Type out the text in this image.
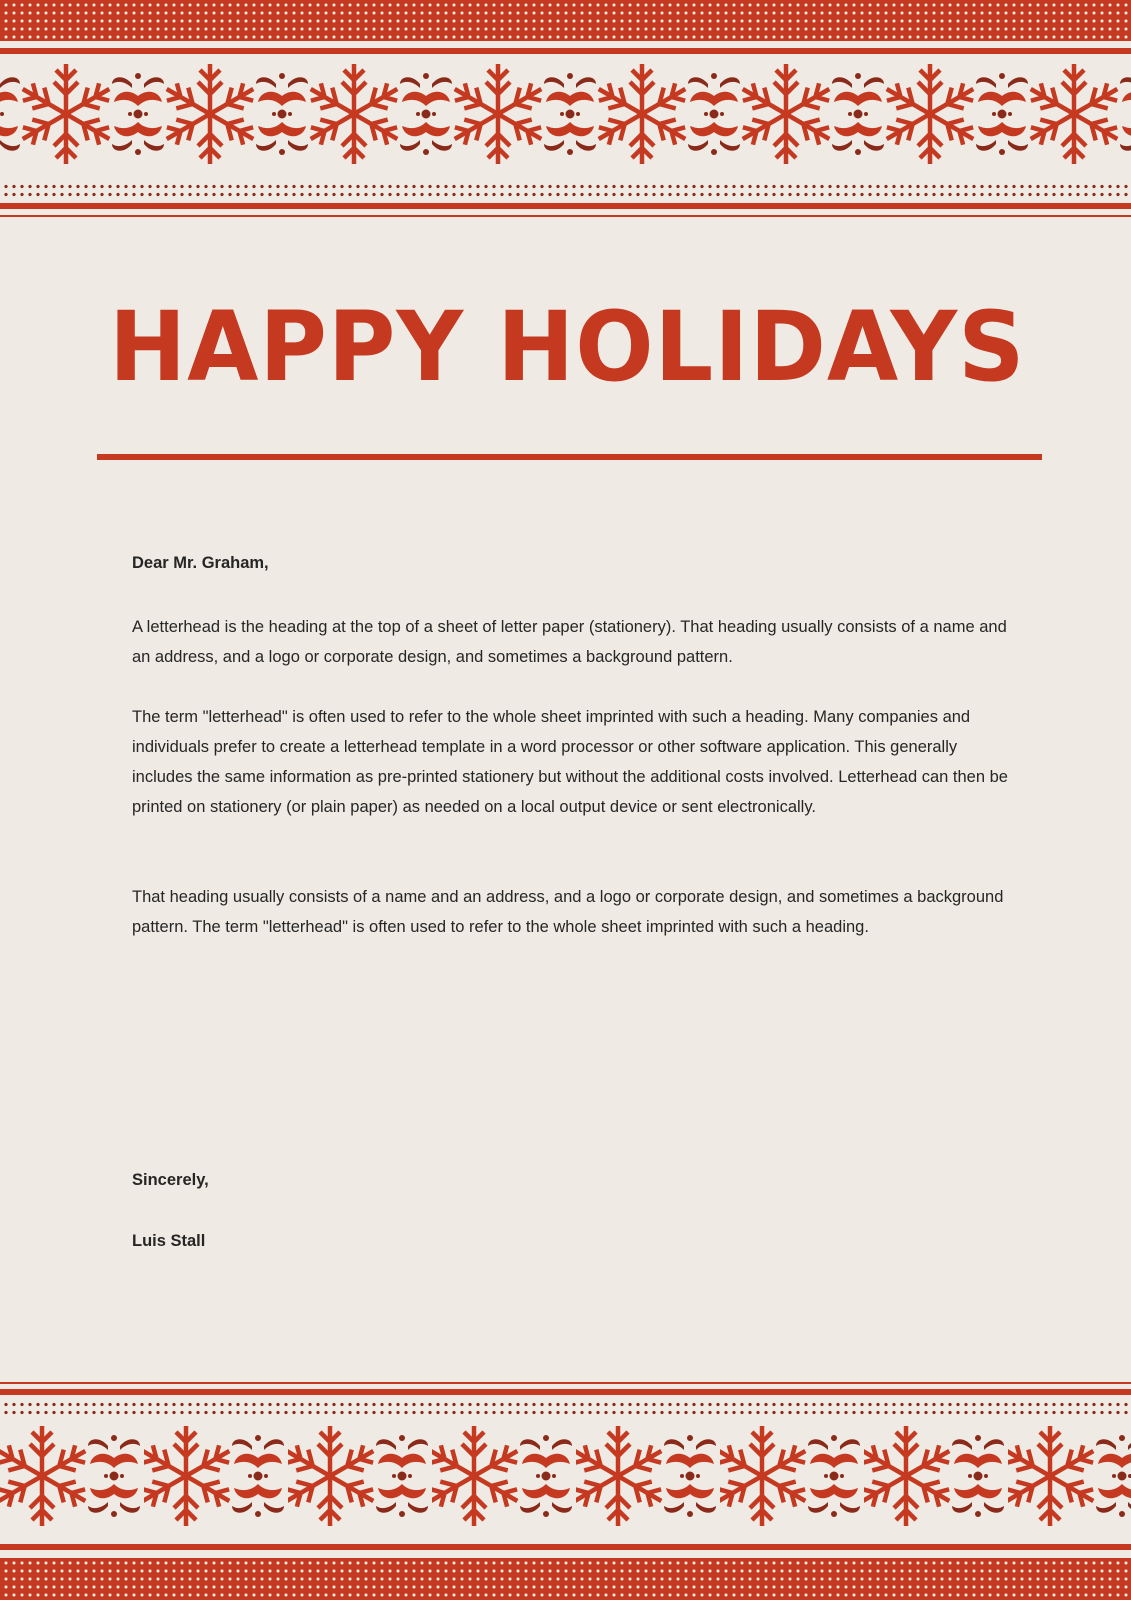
HAPPY HOLIDAYS

Dear Mr. Graham,

A letterhead is the heading at the top of a sheet of letter paper (stationery). That heading usually consists of a name and an address, and a logo or corporate design, and sometimes a background pattern.

The term "letterhead" is often used to refer to the whole sheet imprinted with such a heading. Many companies and individuals prefer to create a letterhead template in a word processor or other software application. This generally includes the same information as pre-printed stationery but without the additional costs involved. Letterhead can then be printed on stationery (or plain paper) as needed on a local output device or sent electronically.

That heading usually consists of a name and an address, and a logo or corporate design, and sometimes a background pattern. The term "letterhead" is often used to refer to the whole sheet imprinted with such a heading.

Sincerely,

Luis Stall
